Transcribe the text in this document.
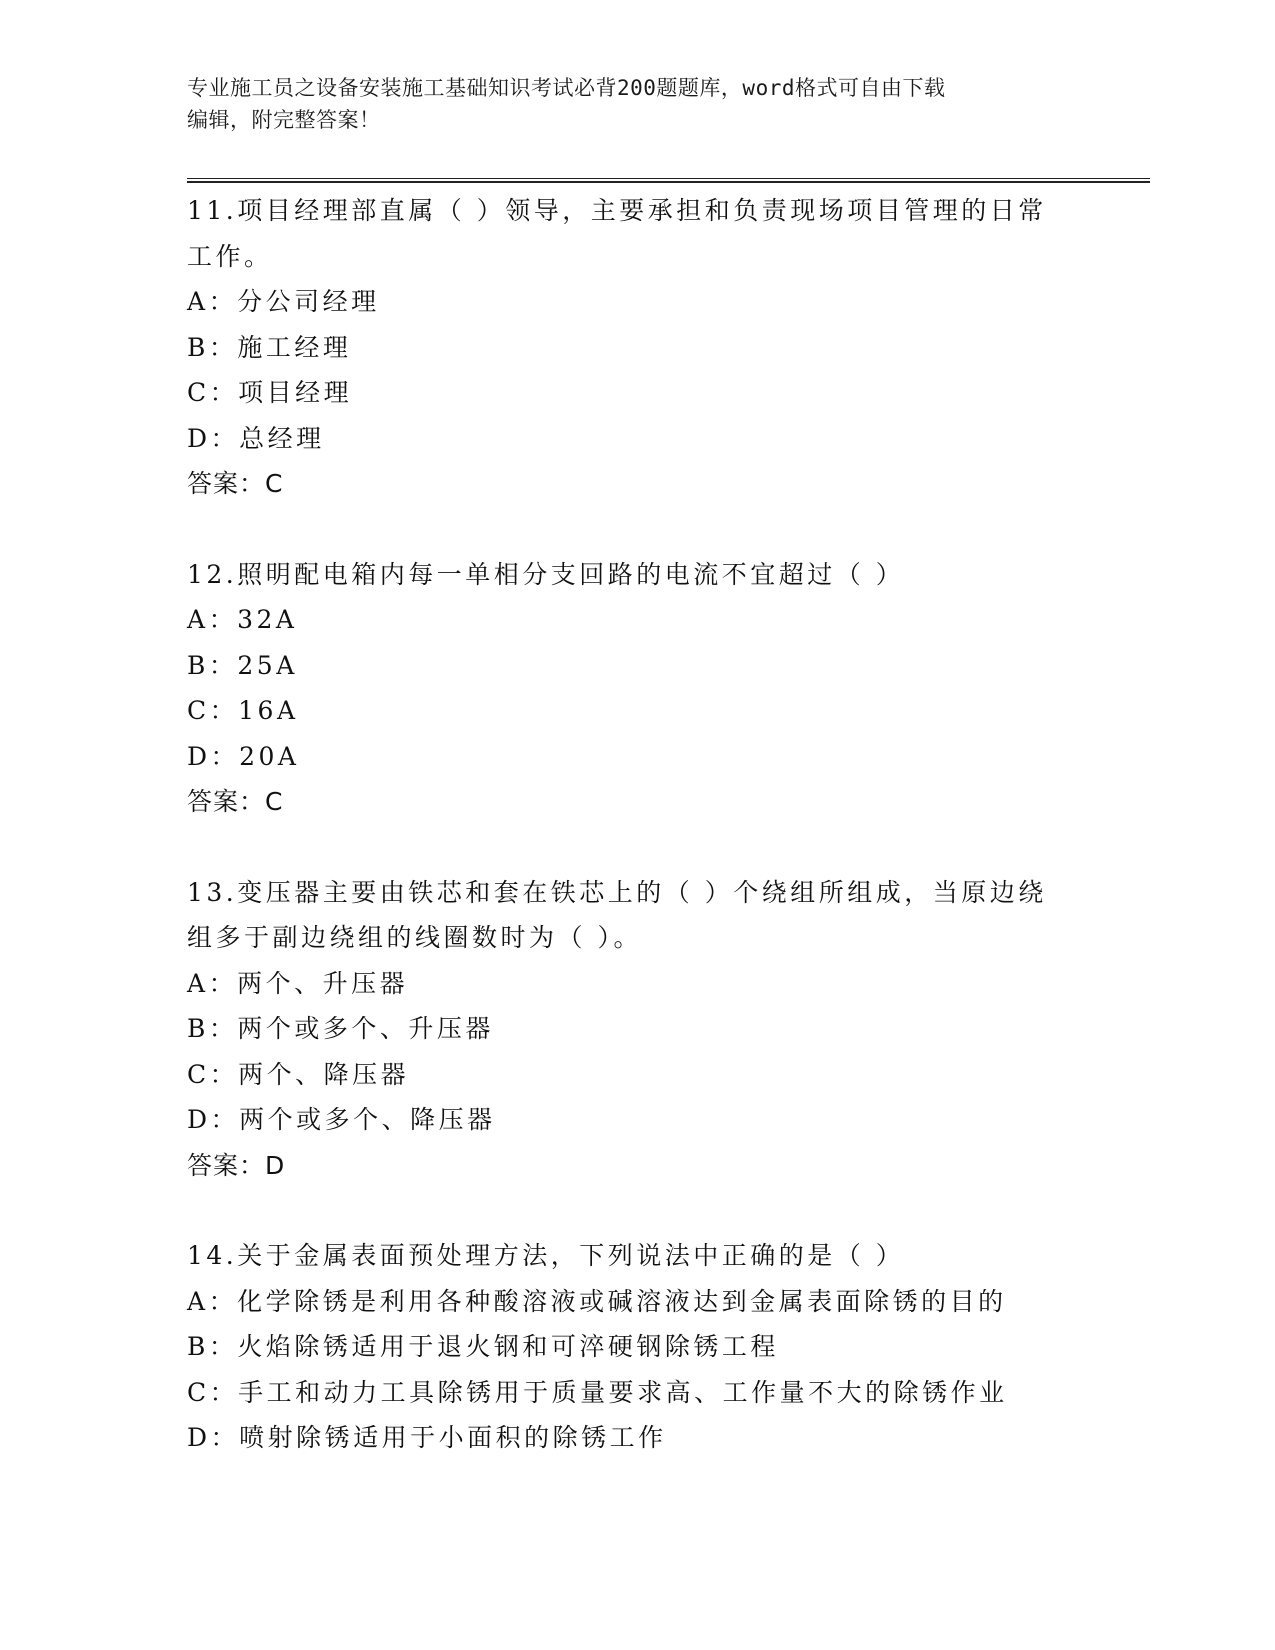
专业施工员之设备安装施工基础知识考试必背200题题库，word格式可自由下载
编辑，附完整答案！
11.项目经理部直属（ ）领导，主要承担和负责现场项目管理的日常
工作。
A：分公司经理
B：施工经理
C：项目经理
D：总经理
答案：C
12.照明配电箱内每一单相分支回路的电流不宜超过（ ）
A：32A
B：25A
C：16A
D：20A
答案：C
13.变压器主要由铁芯和套在铁芯上的（ ）个绕组所组成，当原边绕
组多于副边绕组的线圈数时为（ ）。
A：两个、升压器
B：两个或多个、升压器
C：两个、降压器
D：两个或多个、降压器
答案：D
14.关于金属表面预处理方法，下列说法中正确的是（ ）
A：化学除锈是利用各种酸溶液或碱溶液达到金属表面除锈的目的
B：火焰除锈适用于退火钢和可淬硬钢除锈工程
C：手工和动力工具除锈用于质量要求高、工作量不大的除锈作业
D：喷射除锈适用于小面积的除锈工作
